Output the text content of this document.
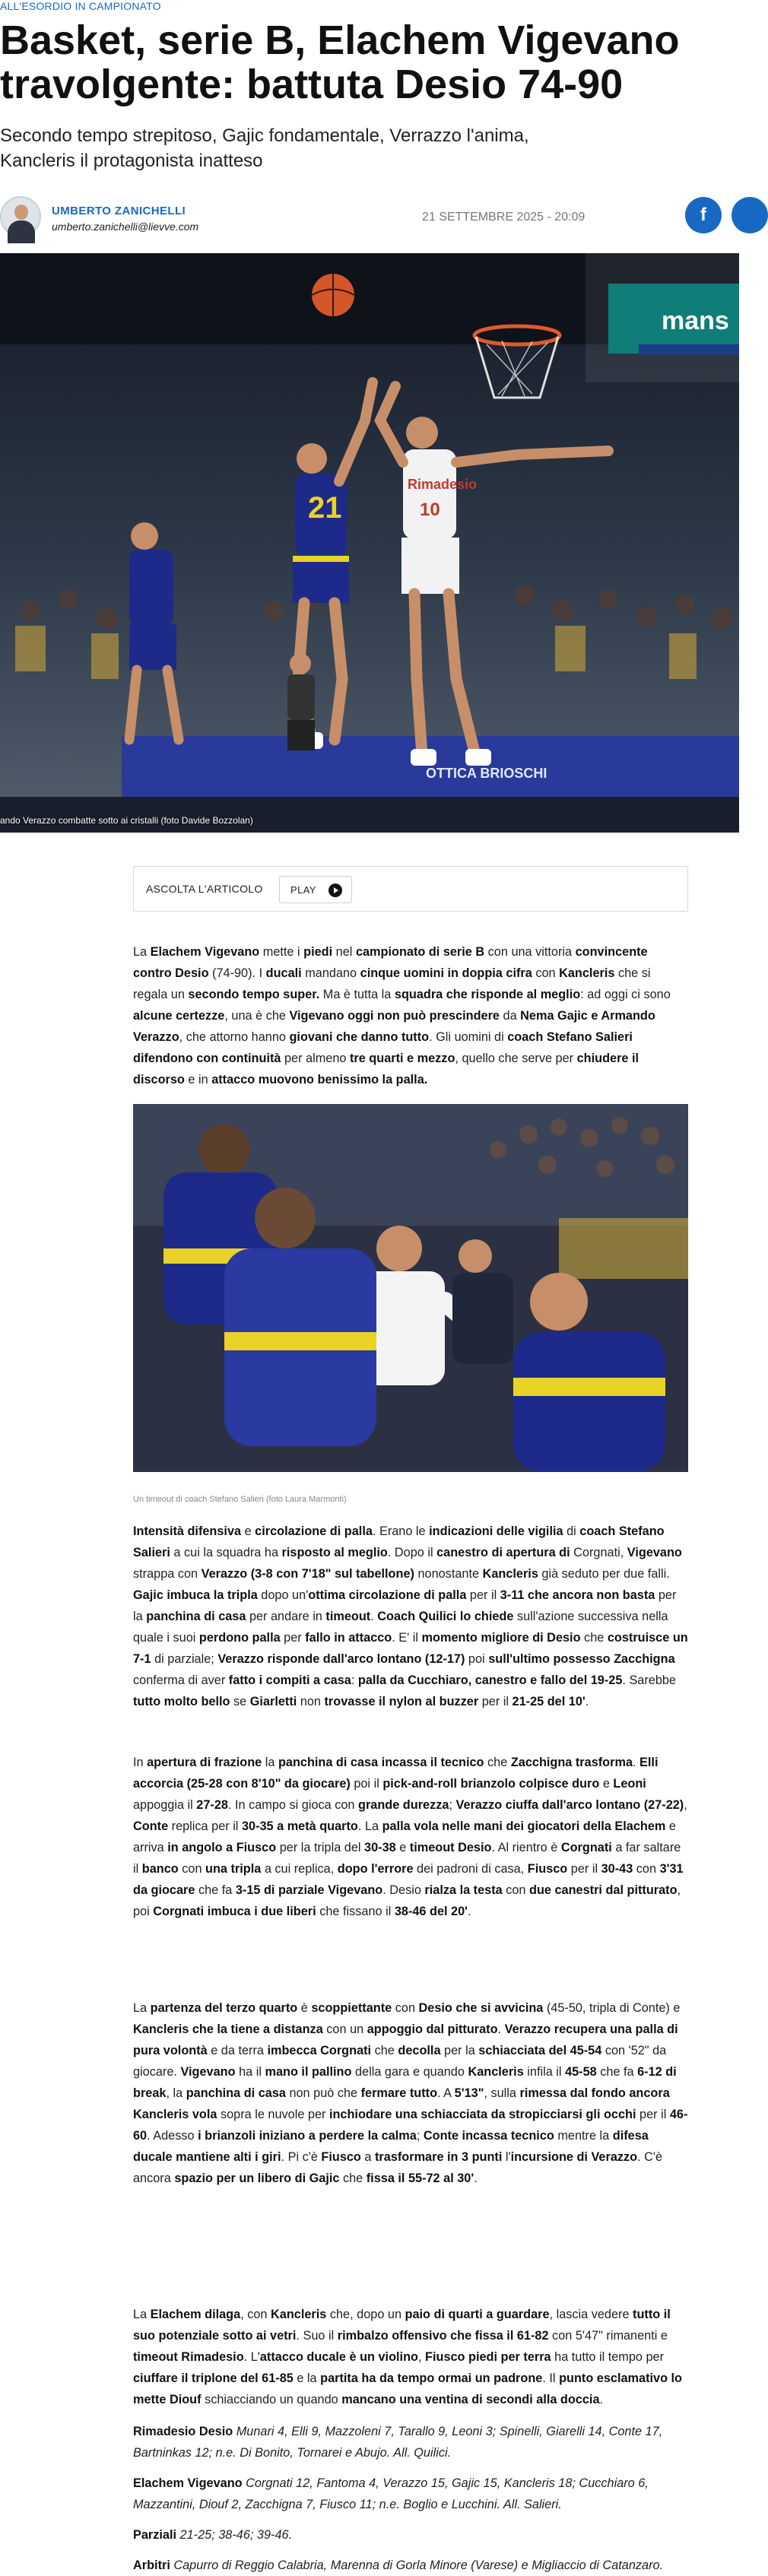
ALL'ESORDIO IN CAMPIONATO
Basket, serie B, Elachem Vigevano travolgente: battuta Desio 74-90

Secondo tempo strepitoso, Gajic fondamentale, Verrazzo l'anima, Kancleris il protagonista inatteso

UMBERTO ZANICHELLI
umberto.zanichelli@lievve.com
21 SETTEMBRE 2025 - 20:09	f
mans
OTTICA BRIOSCHI
21
Rimadesio
10
ando Verazzo combatte sotto ai cristalli (foto Davide Bozzolan)
ASCOLTA L'ARTICOLO	PLAY
La Elachem Vigevano mette i piedi nel campionato di serie B con una vittoria convincente contro Desio (74-90). I ducali mandano cinque uomini in doppia cifra con Kancleris che si regala un secondo tempo super. Ma è tutta la squadra che risponde al meglio: ad oggi ci sono alcune certezze, una è che Vigevano oggi non può prescindere da Nema Gajic e Armando Verazzo, che attorno hanno giovani che danno tutto. Gli uomini di coach Stefano Salieri difendono con continuità per almeno tre quarti e mezzo, quello che serve per chiudere il discorso e in attacco muovono benissimo la palla.
Un timeout di coach Stefano Salieri (foto Laura Marmonti)
Intensità difensiva e circolazione di palla. Erano le indicazioni delle vigilia di coach Stefano Salieri a cui la squadra ha risposto al meglio. Dopo il canestro di apertura di Corgnati, Vigevano strappa con Verazzo (3-8 con 7'18" sul tabellone) nonostante Kancleris già seduto per due falli. Gajic imbuca la tripla dopo un'ottima circolazione di palla per il 3-11 che ancora non basta per la panchina di casa per andare in timeout. Coach Quilici lo chiede sull'azione successiva nella quale i suoi perdono palla per fallo in attacco. E' il momento migliore di Desio che costruisce un 7-1 di parziale; Verazzo risponde dall'arco lontano (12-17) poi sull'ultimo possesso Zacchigna conferma di aver fatto i compiti a casa: palla da Cucchiaro, canestro e fallo del 19-25. Sarebbe tutto molto bello se Giarletti non trovasse il nylon al buzzer per il 21-25 del 10'.
In apertura di frazione la panchina di casa incassa il tecnico che Zacchigna trasforma. Elli accorcia (25-28 con 8'10" da giocare) poi il pick-and-roll brianzolo colpisce duro e Leoni appoggia il 27-28. In campo si gioca con grande durezza; Verazzo ciuffa dall'arco lontano (27-22), Conte replica per il 30-35 a metà quarto. La palla vola nelle mani dei giocatori della Elachem e arriva in angolo a Fiusco per la tripla del 30-38 e timeout Desio. Al rientro è Corgnati a far saltare il banco con una tripla a cui replica, dopo l'errore dei padroni di casa, Fiusco per il 30-43 con 3'31 da giocare che fa 3-15 di parziale Vigevano. Desio rialza la testa con due canestri dal pitturato, poi Corgnati imbuca i due liberi che fissano il 38-46 del 20'.
La partenza del terzo quarto è scoppiettante con Desio che si avvicina (45-50, tripla di Conte) e Kancleris che la tiene a distanza con un appoggio dal pitturato. Verazzo recupera una palla di pura volontà e da terra imbecca Corgnati che decolla per la schiacciata del 45-54 con '52" da giocare. Vigevano ha il mano il pallino della gara e quando Kancleris infila il 45-58 che fa 6-12 di break, la panchina di casa non può che fermare tutto. A 5'13", sulla rimessa dal fondo ancora Kancleris vola sopra le nuvole per inchiodare una schiacciata da stropicciarsi gli occhi per il 46-60. Adesso i brianzoli iniziano a perdere la calma; Conte incassa tecnico mentre la difesa ducale mantiene alti i giri. Pi c'è Fiusco a trasformare in 3 punti l'incursione di Verazzo. C'è ancora spazio per un libero di Gajic che fissa il 55-72 al 30'.
La Elachem dilaga, con Kancleris che, dopo un paio di quarti a guardare, lascia vedere tutto il suo potenziale sotto ai vetri. Suo il rimbalzo offensivo che fissa il 61-82 con 5'47" rimanenti e timeout Rimadesio. L'attacco ducale è un violino, Fiusco piedi per terra ha tutto il tempo per ciuffare il triplone del 61-85 e la partita ha da tempo ormai un padrone. Il punto esclamativo lo mette Diouf schiacciando un quando mancano una ventina di secondi alla doccia.
Rimadesio Desio Munari 4, Elli 9, Mazzoleni 7, Tarallo 9, Leoni 3; Spinelli, Giarelli 14, Conte 17, Bartninkas 12; n.e. Di Bonito, Tornarei e Abujo. All. Quilici.
Elachem Vigevano Corgnati 12, Fantoma 4, Verazzo 15, Gajic 15, Kancleris 18; Cucchiaro 6, Mazzantini, Diouf 2, Zacchigna 7, Fiusco 11; n.e. Boglio e Lucchini. All. Salieri.
Parziali 21-25; 38-46; 39-46.
Arbitri Capurro di Reggio Calabria, Marenna di Gorla Minore (Varese) e Migliaccio di Catanzaro.
